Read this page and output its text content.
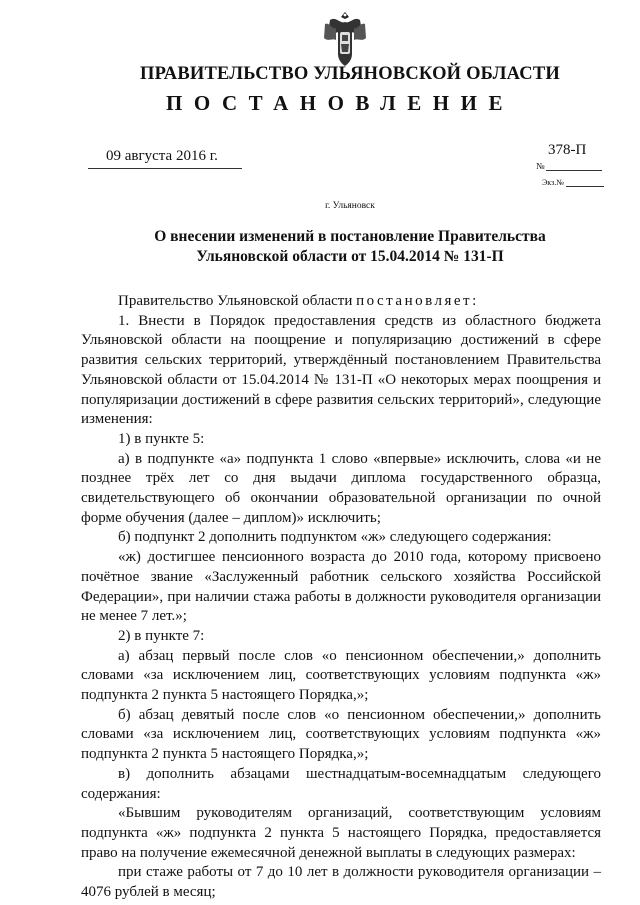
ПРАВИТЕЛЬСТВО УЛЬЯНОВСКОЙ ОБЛАСТИ
ПОСТАНОВЛЕНИЕ
09 августа 2016 г.	378-П
№
Экз.№
г. Ульяновск
О внесении изменений в постановление Правительства
Ульяновской области от 15.04.2014 № 131-П

Правительство Ульяновской области постановляет:

1. Внести в Порядок предоставления средств из областного бюджета Ульяновской области на поощрение и популяризацию достижений в сфере развития сельских территорий, утверждённый постановлением Правительства Ульяновской области от 15.04.2014 № 131-П «О некоторых мерах поощрения и популяризации достижений в сфере развития сельских территорий», следующие изменения:

1) в пункте 5:

а) в подпункте «а» подпункта 1 слово «впервые» исключить, слова «и не позднее трёх лет со дня выдачи диплома государственного образца, свидетельствующего об окончании образовательной организации по очной форме обучения (далее – диплом)» исключить;

б) подпункт 2 дополнить подпунктом «ж» следующего содержания:

«ж) достигшее пенсионного возраста до 2010 года, которому присвоено почётное звание «Заслуженный работник сельского хозяйства Российской Федерации», при наличии стажа работы в должности руководителя организации не менее 7 лет.»;

2) в пункте 7:

а) абзац первый после слов «о пенсионном обеспечении,» дополнить словами «за исключением лиц, соответствующих условиям подпункта «ж» подпункта 2 пункта 5 настоящего Порядка,»;

б) абзац девятый после слов «о пенсионном обеспечении,» дополнить словами «за исключением лиц, соответствующих условиям подпункта «ж» подпункта 2 пункта 5 настоящего Порядка,»;

в) дополнить абзацами шестнадцатым-восемнадцатым следующего содержания:

«Бывшим руководителям организаций, соответствующим условиям подпункта «ж» подпункта 2 пункта 5 настоящего Порядка, предоставляется право на получение ежемесячной денежной выплаты в следующих размерах:

при стаже работы от 7 до 10 лет в должности руководителя организации – 4076 рублей в месяц;
